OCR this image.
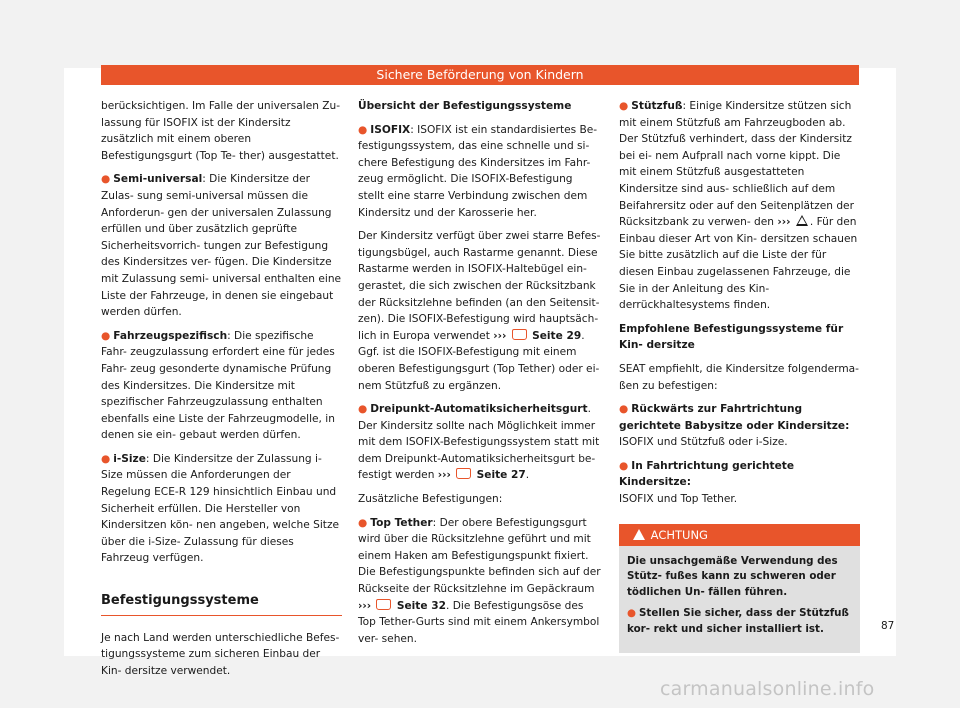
Sichere Beförderung von Kindern

berücksichtigen. Im Falle der universalen Zu- lassung für ISOFIX ist der Kindersitz zusätzlich mit einem oberen Befestigungsgurt (Top Te- ther) ausgestattet.

● Semi-universal: Die Kindersitze der Zulas- sung semi-universal müssen die Anforderun- gen der universalen Zulassung erfüllen und über zusätzlich geprüfte Sicherheitsvorrich- tungen zur Befestigung des Kindersitzes ver- fügen. Die Kindersitze mit Zulassung semi- universal enthalten eine Liste der Fahrzeuge, in denen sie eingebaut werden dürfen.

● Fahrzeugspezifisch: Die spezifische Fahr- zeugzulassung erfordert eine für jedes Fahr- zeug gesonderte dynamische Prüfung des Kindersitzes. Die Kindersitze mit spezifischer Fahrzeugzulassung enthalten ebenfalls eine Liste der Fahrzeugmodelle, in denen sie ein- gebaut werden dürfen.

● i-Size: Die Kindersitze der Zulassung i-Size müssen die Anforderungen der Regelung ECE-R 129 hinsichtlich Einbau und Sicherheit erfüllen. Die Hersteller von Kindersitzen kön- nen angeben, welche Sitze über die i-Size- Zulassung für dieses Fahrzeug verfügen.

Befestigungssysteme

Je nach Land werden unterschiedliche Befes- tigungssysteme zum sicheren Einbau der Kin- dersitze verwendet.

Übersicht der Befestigungssysteme

● ISOFIX: ISOFIX ist ein standardisiertes Be- festigungssystem, das eine schnelle und si- chere Befestigung des Kindersitzes im Fahr- zeug ermöglicht. Die ISOFIX-Befestigung stellt eine starre Verbindung zwischen dem Kindersitz und der Karosserie her.

Der Kindersitz verfügt über zwei starre Befes- tigungsbügel, auch Rastarme genannt. Diese Rastarme werden in ISOFIX-Haltebügel ein- gerastet, die sich zwischen der Rücksitzbank der Rücksitzlehne befinden (an den Seitensit- zen). Die ISOFIX-Befestigung wird hauptsäch- lich in Europa verwendet ››› Seite 29. Ggf. ist die ISOFIX-Befestigung mit einem oberen Befestigungsgurt (Top Tether) oder ei- nem Stützfuß zu ergänzen.

● Dreipunkt-Automatiksicherheitsgurt. Der Kindersitz sollte nach Möglichkeit immer mit dem ISOFIX-Befestigungssystem statt mit dem Dreipunkt-Automatiksicherheitsgurt be- festigt werden ››› Seite 27.

Zusätzliche Befestigungen:

● Top Tether: Der obere Befestigungsgurt wird über die Rücksitzlehne geführt und mit einem Haken am Befestigungspunkt fixiert. Die Befestigungspunkte befinden sich auf der Rückseite der Rücksitzlehne im Gepäckraum ››› Seite 32. Die Befestigungsöse des Top Tether-Gurts sind mit einem Ankersymbol ver- sehen.

● Stützfuß: Einige Kindersitze stützen sich mit einem Stützfuß am Fahrzeugboden ab. Der Stützfuß verhindert, dass der Kindersitz bei ei- nem Aufprall nach vorne kippt. Die mit einem Stützfuß ausgestatteten Kindersitze sind aus- schließlich auf dem Beifahrersitz oder auf den Seitenplätzen der Rücksitzbank zu verwen- den ››› . Für den Einbau dieser Art von Kin- dersitzen schauen Sie bitte zusätzlich auf die Liste der für diesen Einbau zugelassenen Fahrzeuge, die Sie in der Anleitung des Kin- derrückhaltesystems finden.

Empfohlene Befestigungssysteme für Kin- dersitze

SEAT empfiehlt, die Kindersitze folgenderma- ßen zu befestigen:

● Rückwärts zur Fahrtrichtung gerichtete Babysitze oder Kindersitze: ISOFIX und Stützfuß oder i-Size.

● In Fahrtrichtung gerichtete Kindersitze:
ISOFIX und Top Tether.

ACHTUNG

Die unsachgemäße Verwendung des Stütz- fußes kann zu schweren oder tödlichen Un- fällen führen.

● Stellen Sie sicher, dass der Stützfuß kor- rekt und sicher installiert ist.	87
carmanualsonline.info
